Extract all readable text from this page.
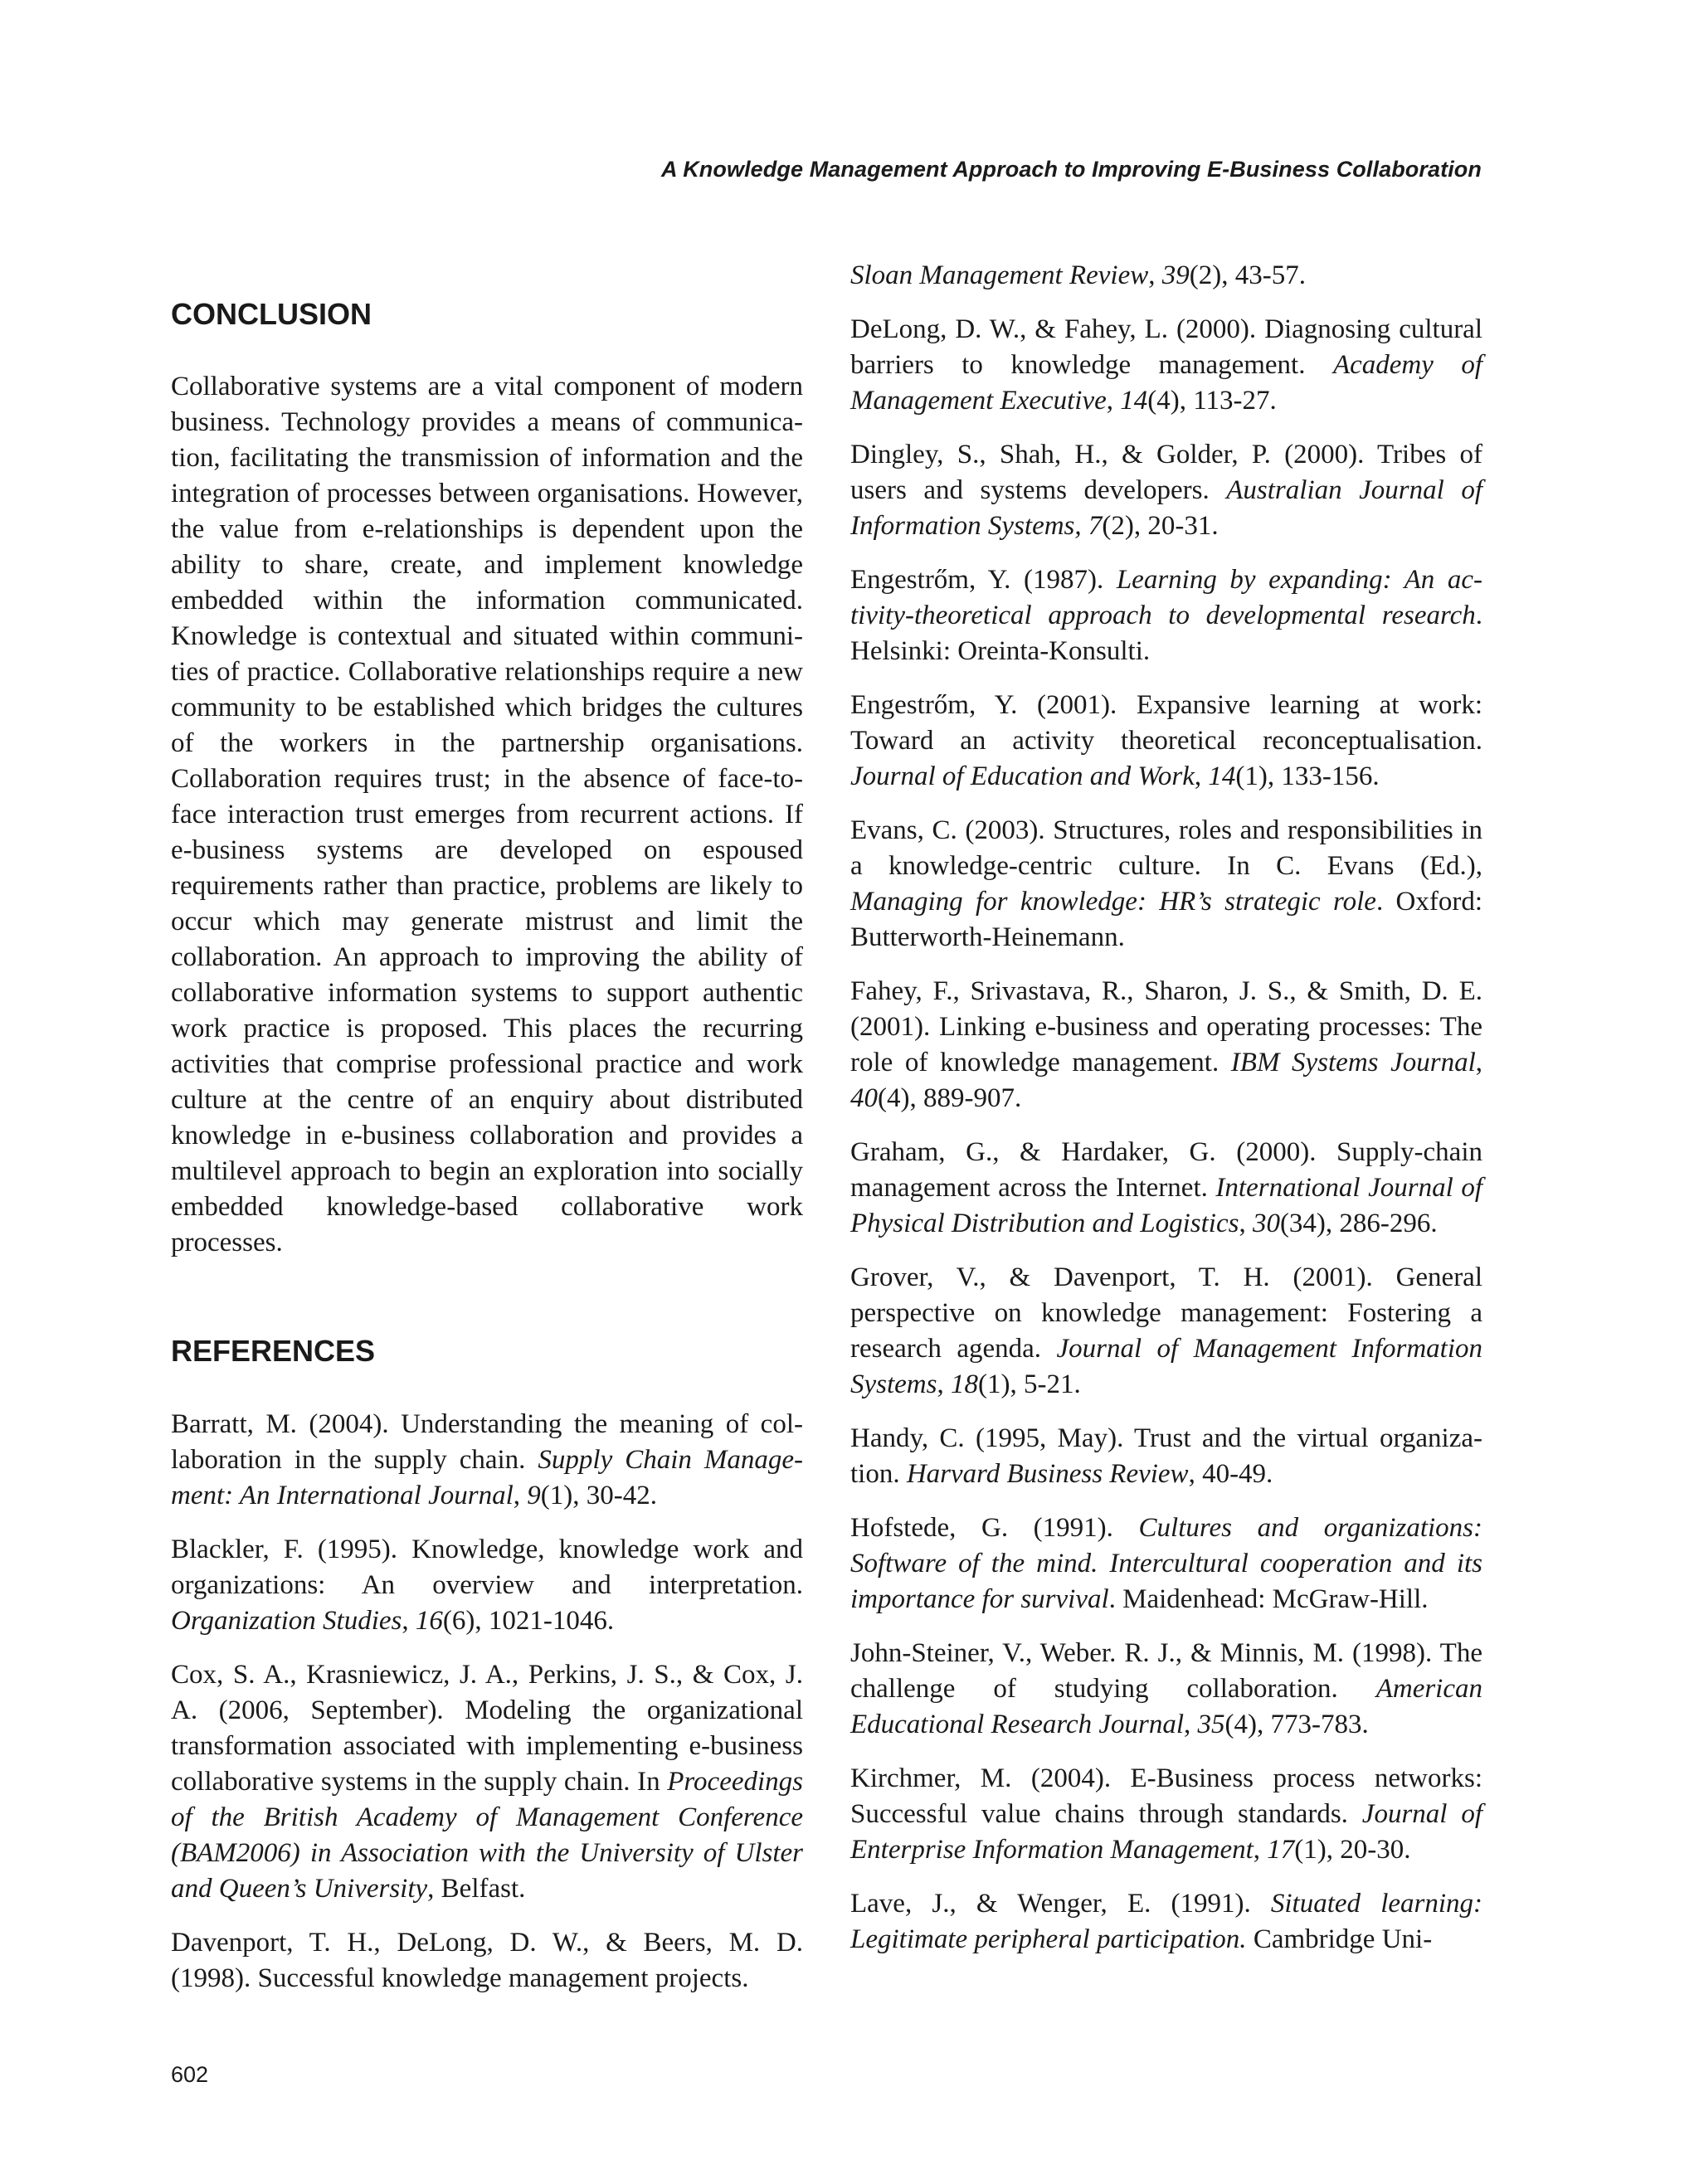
A Knowledge Management Approach to Improving E-Business Collaboration
CONCLUSION

Collaborative systems are a vital component of modern business. Technology provides a means of communication, facilitating the transmission of information and the integration of processes between organisations. However, the value from e-relationships is dependent upon the ability to share, create, and implement knowledge embedded within the information communicated. Knowledge is contextual and situated within communities of practice. Collaborative relationships require a new community to be established which bridges the cultures of the workers in the partnership organisations. Collaboration requires trust; in the absence of face-to-face interaction trust emerges from recurrent actions. If e-business systems are developed on espoused requirements rather than practice, problems are likely to occur which may generate mistrust and limit the collaboration. An approach to improving the ability of collaborative information systems to support authentic work practice is proposed. This places the recurring activities that comprise professional practice and work culture at the centre of an enquiry about distributed knowledge in e-business collaboration and provides a multilevel approach to begin an exploration into socially embedded knowledge-based collaborative work processes.

REFERENCES

Barratt, M. (2004). Understanding the meaning of collaboration in the supply chain. Supply Chain Management: An International Journal, 9(1), 30-42.

Blackler, F. (1995). Knowledge, knowledge work and organizations: An overview and interpretation. Organization Studies, 16(6), 1021-1046.

Cox, S. A., Krasniewicz, J. A., Perkins, J. S., & Cox, J. A. (2006, September). Modeling the organizational transformation associated with implementing e-business collaborative systems in the supply chain. In Proceedings of the British Academy of Management Conference (BAM2006) in Association with the University of Ulster and Queen’s University, Belfast.

Davenport, T. H., DeLong, D. W., & Beers, M. D. (1998). Successful knowledge management projects.

Sloan Management Review, 39(2), 43-57.

DeLong, D. W., & Fahey, L. (2000). Diagnosing cultural barriers to knowledge management. Academy of Management Executive, 14(4), 113-27.

Dingley, S., Shah, H., & Golder, P. (2000). Tribes of users and systems developers. Australian Journal of Information Systems, 7(2), 20-31.

Engestrőm, Y. (1987). Learning by expanding: An activity-theoretical approach to developmental research. Helsinki: Oreinta-Konsulti.

Engestrőm, Y. (2001). Expansive learning at work: Toward an activity theoretical reconceptualisation. Journal of Education and Work, 14(1), 133-156.

Evans, C. (2003). Structures, roles and responsibilities in a knowledge-centric culture. In C. Evans (Ed.), Managing for knowledge: HR’s strategic role. Oxford: Butterworth-Heinemann.

Fahey, F., Srivastava, R., Sharon, J. S., & Smith, D. E. (2001). Linking e-business and operating processes: The role of knowledge management. IBM Systems Journal, 40(4), 889-907.

Graham, G., & Hardaker, G. (2000). Supply-chain management across the Internet. International Journal of Physical Distribution and Logistics, 30(34), 286-296.

Grover, V., & Davenport, T. H. (2001). General perspective on knowledge management: Fostering a research agenda. Journal of Management Information Systems, 18(1), 5-21.

Handy, C. (1995, May). Trust and the virtual organization. Harvard Business Review, 40-49.

Hofstede, G. (1991). Cultures and organizations: Software of the mind. Intercultural cooperation and its importance for survival. Maidenhead: McGraw-Hill.

John-Steiner, V., Weber. R. J., & Minnis, M. (1998). The challenge of studying collaboration. American Educational Research Journal, 35(4), 773-783.

Kirchmer, M. (2004). E-Business process networks: Successful value chains through standards. Journal of Enterprise Information Management, 17(1), 20-30.

Lave, J., & Wenger, E. (1991). Situated learning: Legitimate peripheral participation. Cambridge Uni-

602
